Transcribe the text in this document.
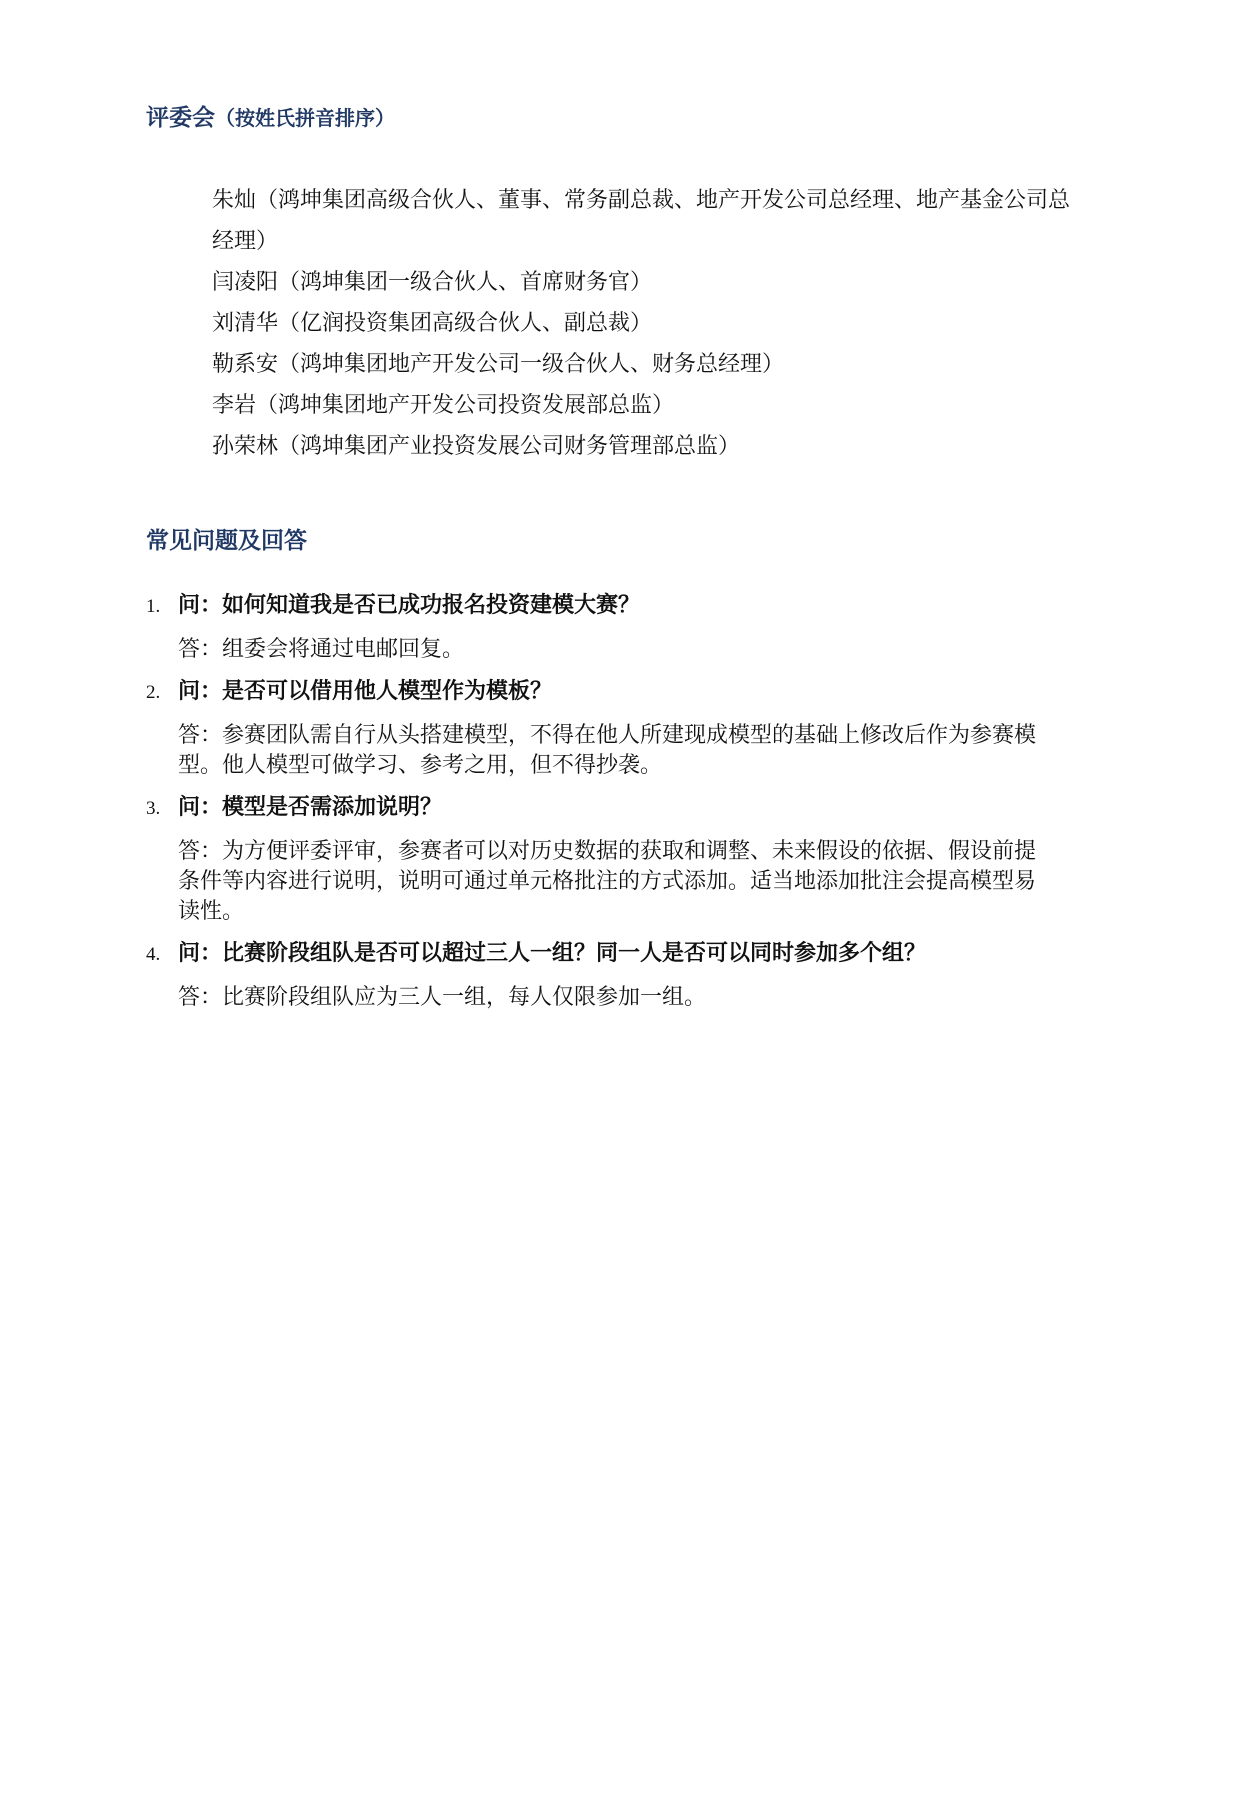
评委会（按姓氏拼音排序）
朱灿（鸿坤集团高级合伙人、董事、常务副总裁、地产开发公司总经理、地产基金公司总经理）
闫凌阳（鸿坤集团一级合伙人、首席财务官）
刘清华（亿润投资集团高级合伙人、副总裁）
勒系安（鸿坤集团地产开发公司一级合伙人、财务总经理）
李岩（鸿坤集团地产开发公司投资发展部总监）
孙荣林（鸿坤集团产业投资发展公司财务管理部总监）
常见问题及回答
1. 问：如何知道我是否已成功报名投资建模大赛？
答：组委会将通过电邮回复。
2. 问：是否可以借用他人模型作为模板？
答：参赛团队需自行从头搭建模型，不得在他人所建现成模型的基础上修改后作为参赛模型。他人模型可做学习、参考之用，但不得抄袭。
3. 问：模型是否需添加说明？
答：为方便评委评审，参赛者可以对历史数据的获取和调整、未来假设的依据、假设前提条件等内容进行说明，说明可通过单元格批注的方式添加。适当地添加批注会提高模型易读性。
4. 问：比赛阶段组队是否可以超过三人一组？同一人是否可以同时参加多个组？
答：比赛阶段组队应为三人一组，每人仅限参加一组。
